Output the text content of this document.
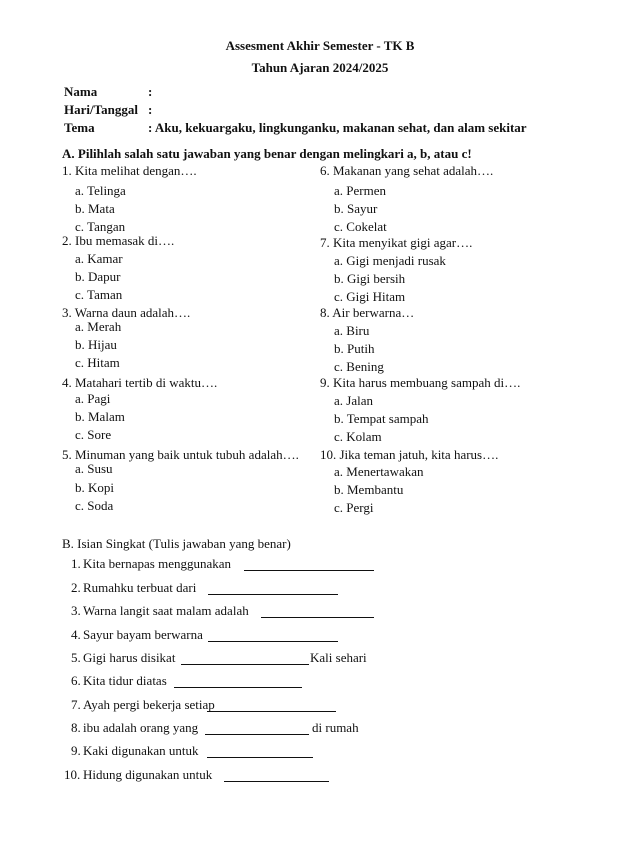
Assesment Akhir Semester - TK B
Tahun Ajaran 2024/2025
Nama	:
Hari/Tanggal :
Tema	: Aku, kekuargaku, lingkunganku, makanan sehat, dan alam sekitar
A. Pilihlah salah satu jawaban yang benar dengan melingkari a, b, atau c!
1. Kita melihat dengan….
a. Telinga
b. Mata
c. Tangan
2. Ibu memasak di….
a. Kamar
b. Dapur
c. Taman
3. Warna daun adalah….
a. Merah
b. Hijau
c. Hitam
4. Matahari tertib di waktu….
a. Pagi
b. Malam
c. Sore
5. Minuman yang baik untuk tubuh adalah….
a. Susu
b. Kopi
c. Soda
6. Makanan yang sehat adalah….
a. Permen
b. Sayur
c. Cokelat
7. Kita menyikat gigi agar….
a. Gigi menjadi rusak
b. Gigi bersih
c. Gigi Hitam
8. Air berwarna…
a. Biru
b. Putih
c. Bening
9. Kita harus membuang sampah di….
a. Jalan
b. Tempat sampah
c. Kolam
10. Jika teman jatuh, kita harus….
a. Menertawakan
b. Membantu
c. Pergi
B. Isian Singkat (Tulis jawaban yang benar)
1. Kita bernapas menggunakan
2. Rumahku terbuat dari
3. Warna langit saat malam adalah
4. Sayur bayam berwarna
5. Gigi harus disikat	Kali sehari
6. Kita tidur diatas
7. Ayah pergi bekerja setiap
8. ibu adalah orang yang	di rumah
9. Kaki digunakan untuk
10. Hidung digunakan untuk
